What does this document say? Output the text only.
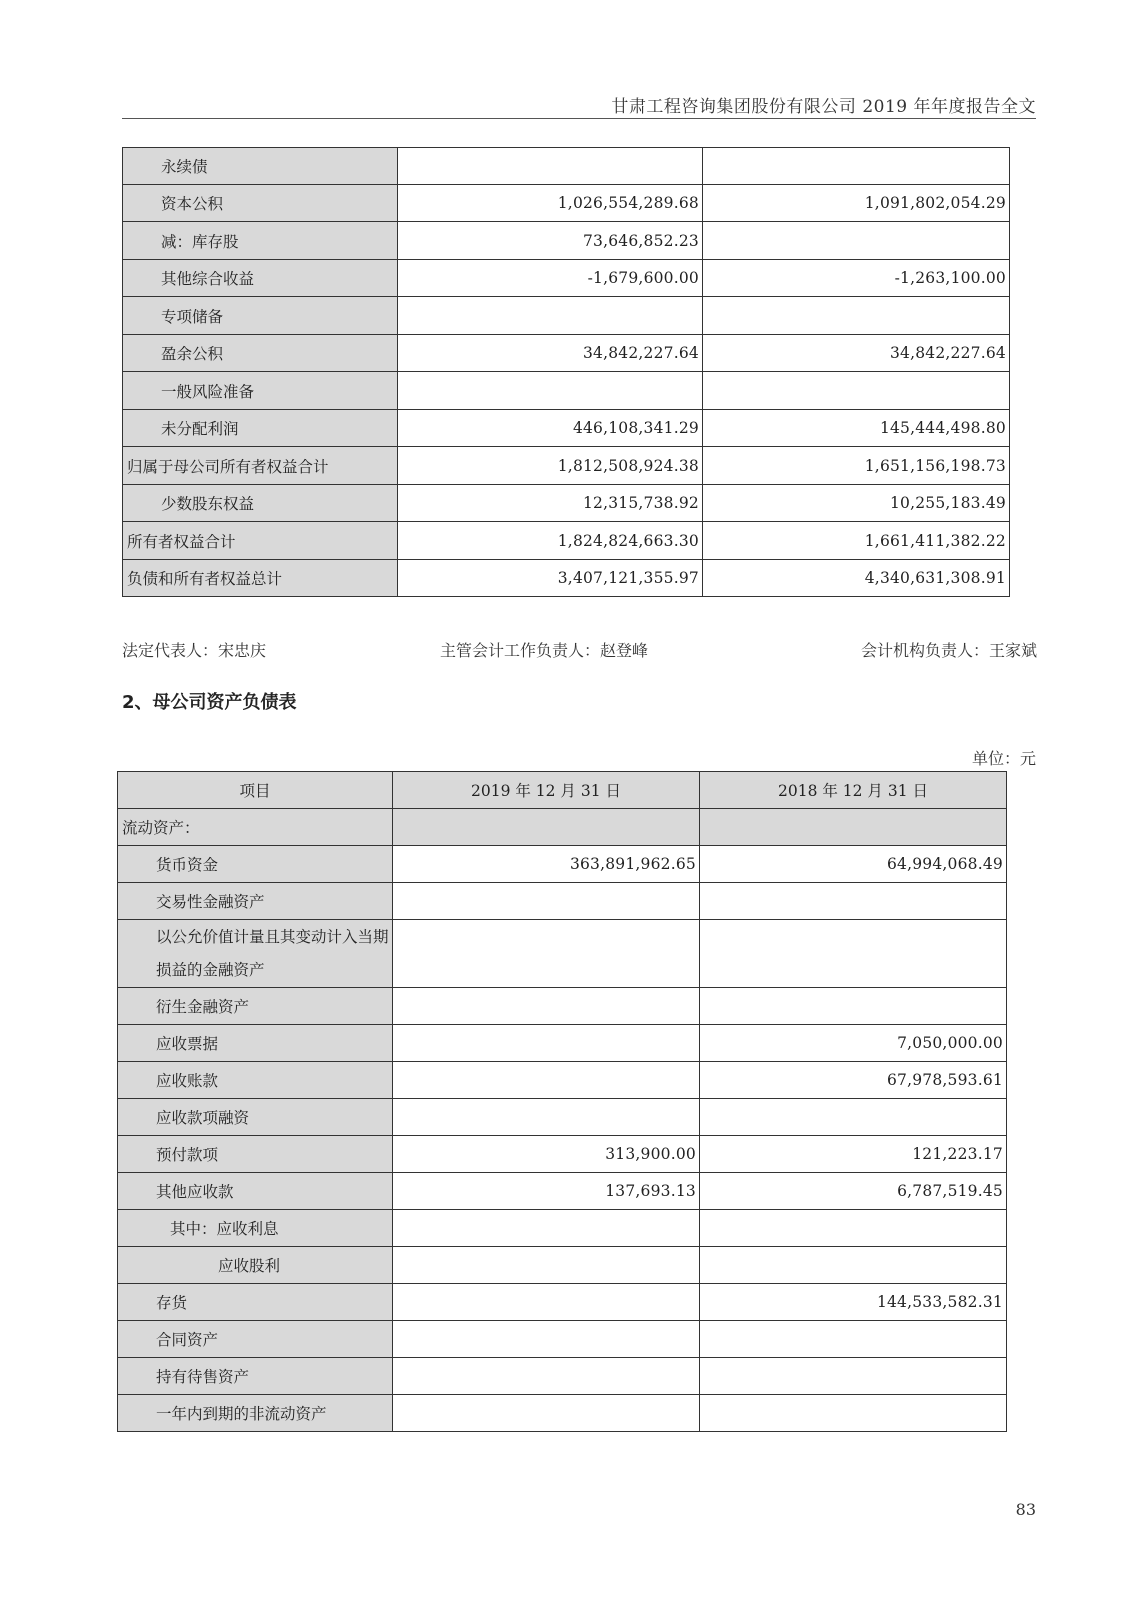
甘肃工程咨询集团股份有限公司 2019 年年度报告全文
永续债		
资本公积	1,026,554,289.68	1,091,802,054.29
减：库存股	73,646,852.23	
其他综合收益	-1,679,600.00	-1,263,100.00
专项储备		
盈余公积	34,842,227.64	34,842,227.64
一般风险准备		
未分配利润	446,108,341.29	145,444,498.80
归属于母公司所有者权益合计	1,812,508,924.38	1,651,156,198.73
少数股东权益	12,315,738.92	10,255,183.49
所有者权益合计	1,824,824,663.30	1,661,411,382.22
负债和所有者权益总计	3,407,121,355.97	4,340,631,308.91
法定代表人：宋忠庆	主管会计工作负责人：赵登峰	会计机构负责人：王家斌
2、母公司资产负债表
单位：元
项目	2019 年 12 月 31 日	2018 年 12 月 31 日
流动资产：		
货币资金	363,891,962.65	64,994,068.49
交易性金融资产		
以公允价值计量且其变动计入当期损益的金融资产		
衍生金融资产		
应收票据		7,050,000.00
应收账款		67,978,593.61
应收款项融资		
预付款项	313,900.00	121,223.17
其他应收款	137,693.13	6,787,519.45
其中：应收利息		
应收股利		
存货		144,533,582.31
合同资产		
持有待售资产		
一年内到期的非流动资产		
83
